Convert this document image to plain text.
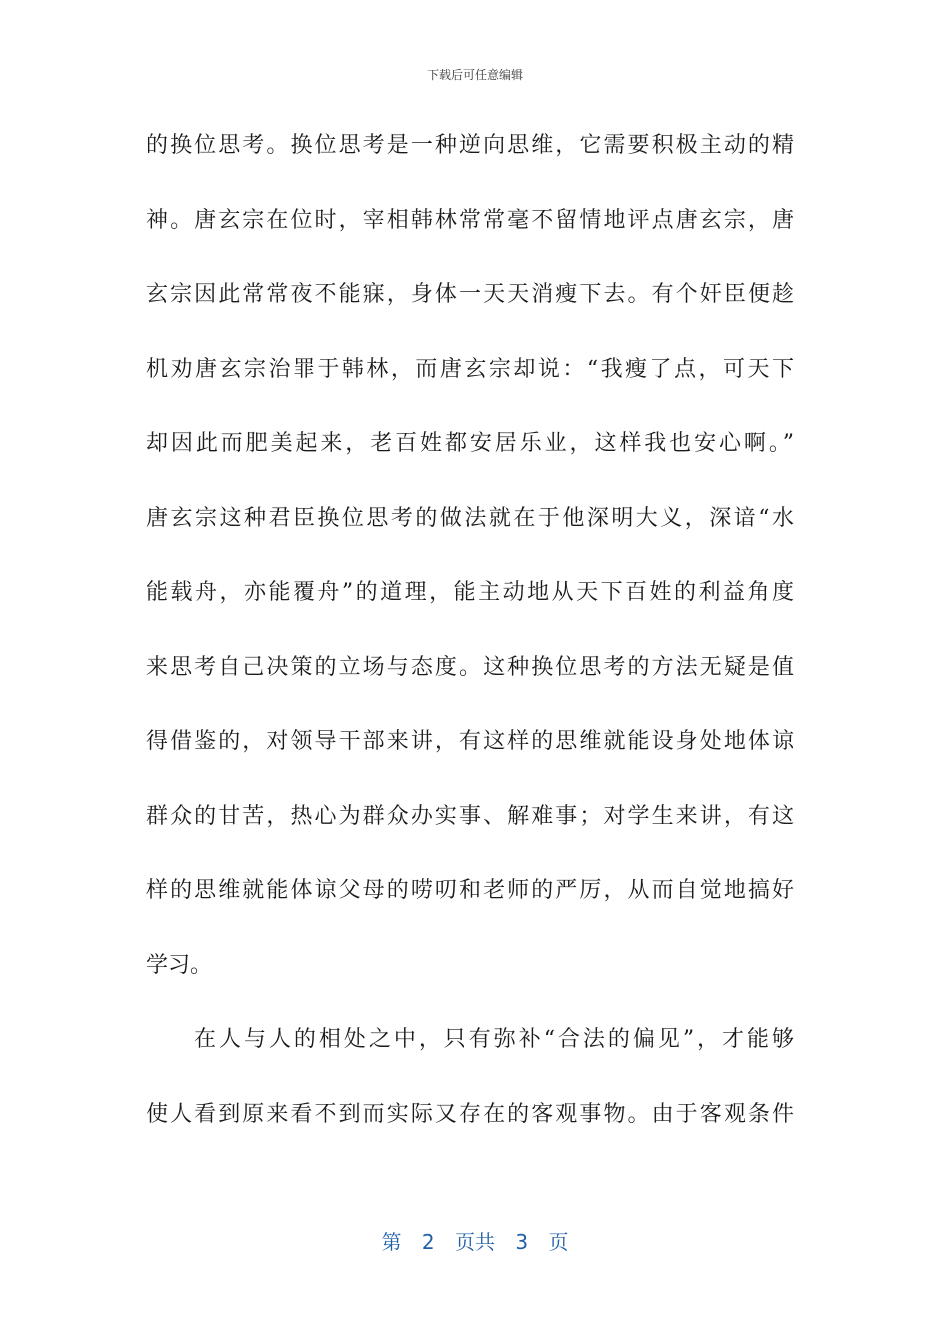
下载后可任意编辑
的换位思考。换位思考是一种逆向思维，它需要积极主动的精
神。唐玄宗在位时，宰相韩林常常毫不留情地评点唐玄宗，唐
玄宗因此常常夜不能寐，身体一天天消瘦下去。有个奸臣便趁
机劝唐玄宗治罪于韩林，而唐玄宗却说：“我瘦了点，可天下
却因此而肥美起来，老百姓都安居乐业，这样我也安心啊。”
唐玄宗这种君臣换位思考的做法就在于他深明大义，深谙“水
能载舟，亦能覆舟”的道理，能主动地从天下百姓的利益角度
来思考自己决策的立场与态度。这种换位思考的方法无疑是值
得借鉴的，对领导干部来讲，有这样的思维就能设身处地体谅
群众的甘苦，热心为群众办实事、解难事；对学生来讲，有这
样的思维就能体谅父母的唠叨和老师的严厉，从而自觉地搞好
学习。
在人与人的相处之中，只有弥补“合法的偏见”，才能够
使人看到原来看不到而实际又存在的客观事物。由于客观条件
第 2 页共 3 页
